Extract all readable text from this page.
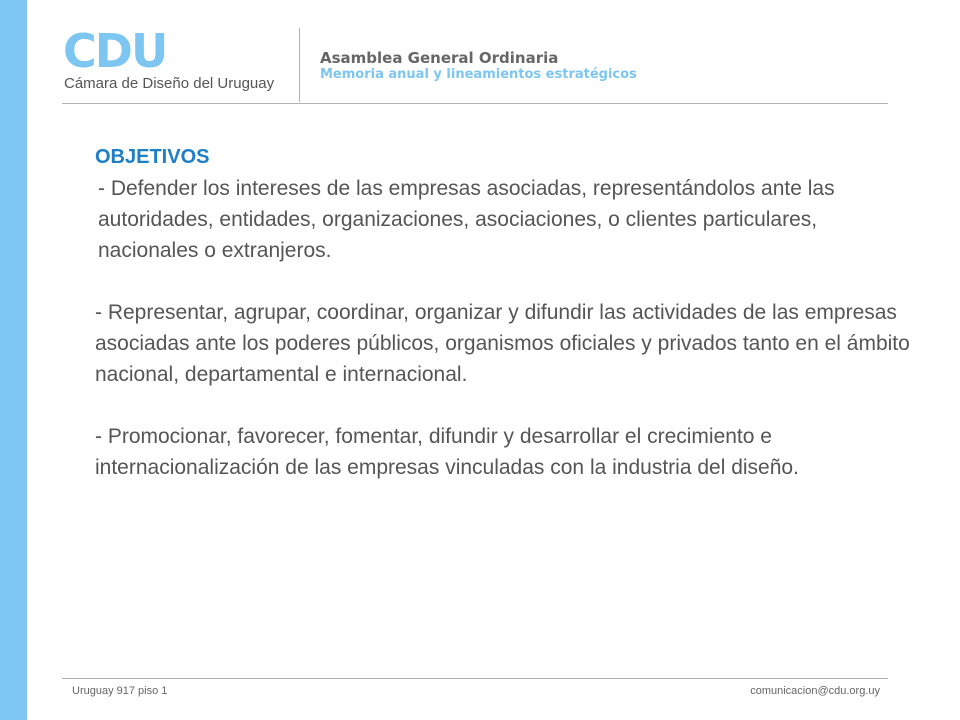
CDU
Cámara de Diseño del Uruguay
Asamblea General Ordinaria
Memoria anual y lineamientos estratégicos
OBJETIVOS

- Defender los intereses de las empresas asociadas, representándolos ante las autoridades, entidades, organizaciones, asociaciones, o clientes particulares, nacionales o extranjeros.

- Representar, agrupar, coordinar, organizar y difundir las actividades de las empresas asociadas ante los poderes públicos, organismos oficiales y privados tanto en el ámbito nacional, departamental e internacional.

- Promocionar, favorecer, fomentar, difundir y desarrollar el crecimiento e internacionalización de las empresas vinculadas con la industria del diseño.

Uruguay 917 piso 1	comunicacion@cdu.org.uy
